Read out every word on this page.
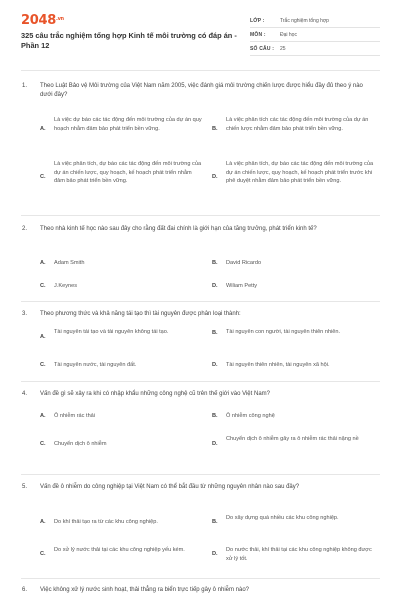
$2048^{.vn}$
325 câu trắc nghiệm tổng hợp Kinh tế môi trường có đáp án - Phần 12
LỚP :	Trắc nghiệm tổng hợp
MÔN :	Đại học
SỐ CÂU :	25
1. Theo Luật Bảo vệ Môi trường của Việt Nam năm 2005, việc đánh giá môi trường chiến lược được hiểu đầy đủ theo ý nào dưới đây?
A.
Là việc dự báo các tác động đến môi trường của dự án quy hoạch nhằm đảm bảo phát triển bền vững.	B.
Là việc phân tích các tác động đến môi trường của dự án chiến lược nhằm đảm bảo phát triển bền vững.
C.
Là việc phân tích, dự báo các tác động đến môi trường của dự án chiến lược, quy hoạch, kế hoạch phát triển nhằm đảm bảo phát triển bền vững.
D.
Là việc phân tích, dự báo các tác động đến môi trường của dự án chiến lược, quy hoạch, kế hoạch phát triển trước khi phê duyệt nhằm đảm bảo phát triển bền vững.
2. Theo nhà kinh tế học nào sau đây cho rằng đất đai chính là giới hạn của tăng trưởng, phát triển kinh tế?
A. Adam Smith	B. David Ricardo
C. J.Keynes	D. Wiliam Petty
3. Theo phương thức và khả năng tái tạo thì tài nguyên được phân loại thành:
A.
Tài nguyên tái tạo và tài nguyên không tái tạo.	B. Tài nguyên con người, tài nguyên thiên nhiên.
C. Tài nguyên nước, tài nguyên đất.	D. Tài nguyên thiên nhiên, tài nguyên xã hội.
4. Vấn đề gì sẽ xảy ra khi có nhập khẩu những công nghệ cũ trên thế giới vào Việt Nam?
A. Ô nhiễm rác thải	B. Ô nhiễm công nghệ
C. Chuyển dịch ô nhiễm	D.
Chuyển dịch ô nhiễm gây ra ô nhiễm rác thải nặng nề
5. Vấn đề ô nhiễm do công nghiệp tại Việt Nam có thể bắt đầu từ những nguyên nhân nào sau đây?
A. Do khí thải tạo ra từ các khu công nghiệp.	B.
Do xây dựng quá nhiều các khu công nghiệp.
C.
Do xử lý nước thải tại các khu công nghiệp yếu kém.
D.
Do nước thải, khí thải tại các khu công nghiệp không được xử lý tốt.
6. Việc không xử lý nước sinh hoạt, thải thẳng ra biển trực tiếp gây ô nhiễm nào?
